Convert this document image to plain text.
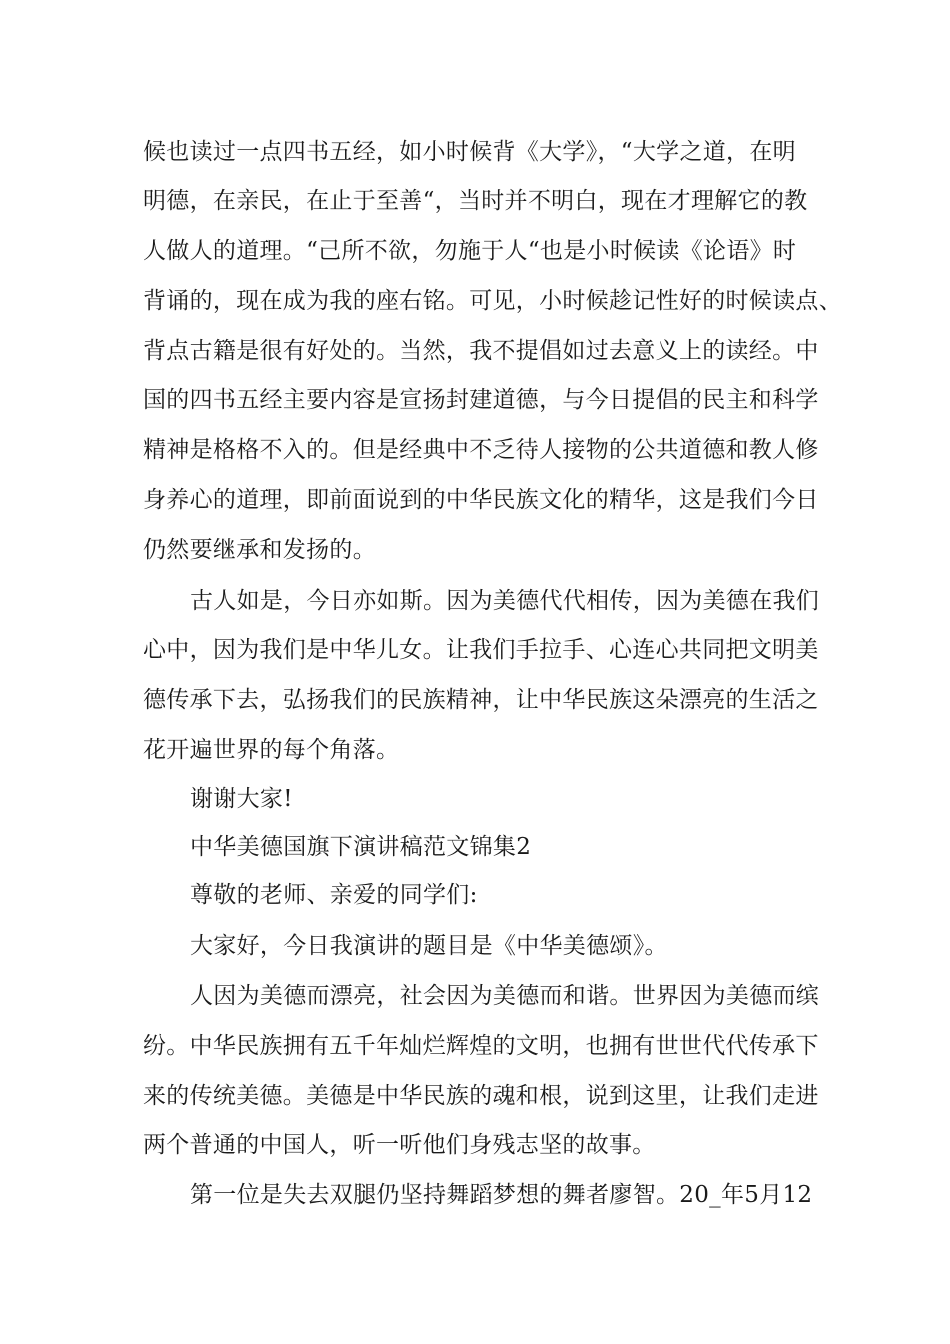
候也读过一点四书五经，如小时候背《大学》，“大学之道，在明
明德，在亲民，在止于至善“，当时并不明白，现在才理解它的教
人做人的道理。“己所不欲，勿施于人“也是小时候读《论语》时
背诵的，现在成为我的座右铭。可见，小时候趁记性好的时候读点、
背点古籍是很有好处的。当然，我不提倡如过去意义上的读经。中
国的四书五经主要内容是宣扬封建道德，与今日提倡的民主和科学
精神是格格不入的。但是经典中不乏待人接物的公共道德和教人修
身养心的道理，即前面说到的中华民族文化的精华，这是我们今日
仍然要继承和发扬的。
古人如是，今日亦如斯。因为美德代代相传，因为美德在我们
心中，因为我们是中华儿女。让我们手拉手、心连心共同把文明美
德传承下去，弘扬我们的民族精神，让中华民族这朵漂亮的生活之
花开遍世界的每个角落。
谢谢大家!
中华美德国旗下演讲稿范文锦集2
尊敬的老师、亲爱的同学们:
大家好，今日我演讲的题目是《中华美德颂》。
人因为美德而漂亮，社会因为美德而和谐。世界因为美德而缤
纷。中华民族拥有五千年灿烂辉煌的文明，也拥有世世代代传承下
来的传统美德。美德是中华民族的魂和根，说到这里，让我们走进
两个普通的中国人，听一听他们身残志坚的故事。
第一位是失去双腿仍坚持舞蹈梦想的舞者廖智。20_年5月12
